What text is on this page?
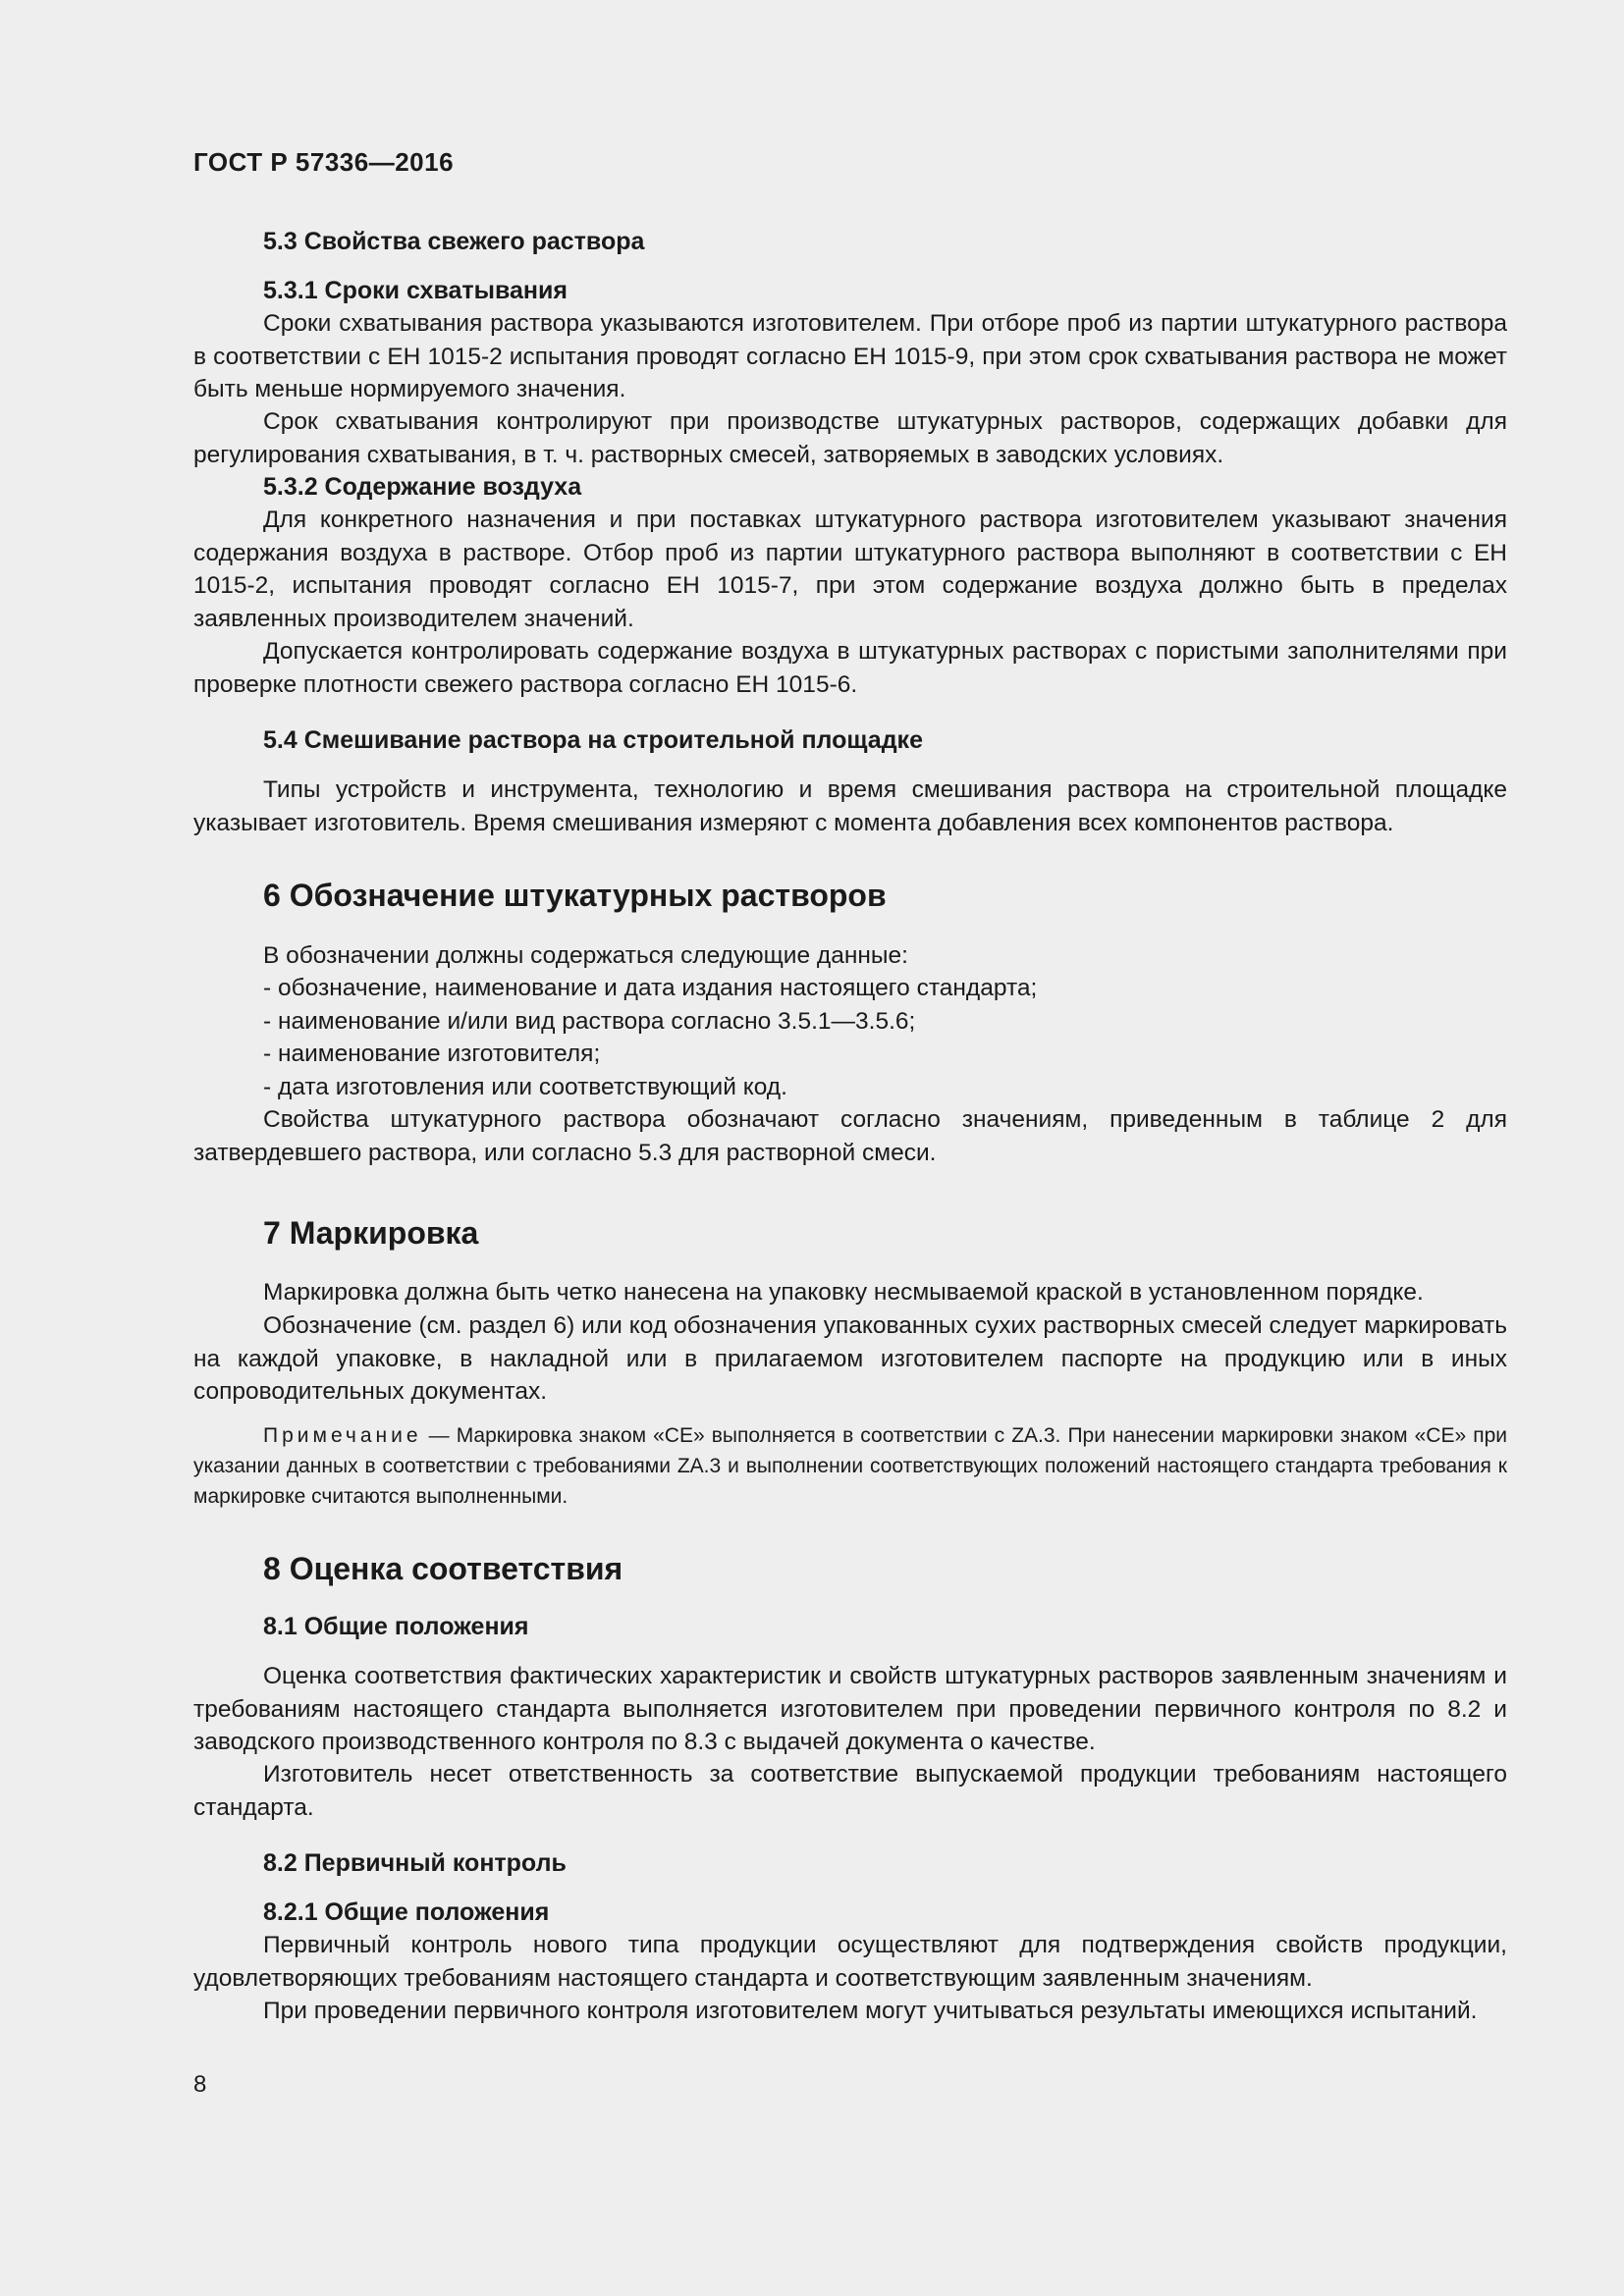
ГОСТ Р 57336—2016

5.3 Свойства свежего раствора

5.3.1 Сроки схватывания

Сроки схватывания раствора указываются изготовителем. При отборе проб из партии штукатурного раствора в соответствии с ЕН 1015-2 испытания проводят согласно ЕН 1015-9, при этом срок схватывания раствора не может быть меньше нормируемого значения.

Срок схватывания контролируют при производстве штукатурных растворов, содержащих добавки для регулирования схватывания, в т. ч. растворных смесей, затворяемых в заводских условиях.

5.3.2 Содержание воздуха

Для конкретного назначения и при поставках штукатурного раствора изготовителем указывают значения содержания воздуха в растворе. Отбор проб из партии штукатурного раствора выполняют в соответствии с ЕН 1015-2, испытания проводят согласно ЕН 1015-7, при этом содержание воздуха должно быть в пределах заявленных производителем значений.

Допускается контролировать содержание воздуха в штукатурных растворах с пористыми заполнителями при проверке плотности свежего раствора согласно ЕН 1015-6.

5.4 Смешивание раствора на строительной площадке

Типы устройств и инструмента, технологию и время смешивания раствора на строительной площадке указывает изготовитель. Время смешивания измеряют с момента добавления всех компонентов раствора.

6 Обозначение штукатурных растворов

В обозначении должны содержаться следующие данные:

- обозначение, наименование и дата издания настоящего стандарта;
- наименование и/или вид раствора согласно 3.5.1—3.5.6;
- наименование изготовителя;
- дата изготовления или соответствующий код.

Свойства штукатурного раствора обозначают согласно значениям, приведенным в таблице 2 для затвердевшего раствора, или согласно 5.3 для растворной смеси.

7 Маркировка

Маркировка должна быть четко нанесена на упаковку несмываемой краской в установленном порядке.

Обозначение (см. раздел 6) или код обозначения упакованных сухих растворных смесей следует маркировать на каждой упаковке, в накладной или в прилагаемом изготовителем паспорте на продукцию или в иных сопроводительных документах.

Примечание — Маркировка знаком «СЕ» выполняется в соответствии с ZA.3. При нанесении маркировки знаком «СЕ» при указании данных в соответствии с требованиями ZA.3 и выполнении соответствующих положений настоящего стандарта требования к маркировке считаются выполненными.

8 Оценка соответствия

8.1 Общие положения

Оценка соответствия фактических характеристик и свойств штукатурных растворов заявленным значениям и требованиям настоящего стандарта выполняется изготовителем при проведении первичного контроля по 8.2 и заводского производственного контроля по 8.3 с выдачей документа о качестве.

Изготовитель несет ответственность за соответствие выпускаемой продукции требованиям настоящего стандарта.

8.2 Первичный контроль

8.2.1 Общие положения

Первичный контроль нового типа продукции осуществляют для подтверждения свойств продукции, удовлетворяющих требованиям настоящего стандарта и соответствующим заявленным значениям.

При проведении первичного контроля изготовителем могут учитываться результаты имеющихся испытаний.

8
